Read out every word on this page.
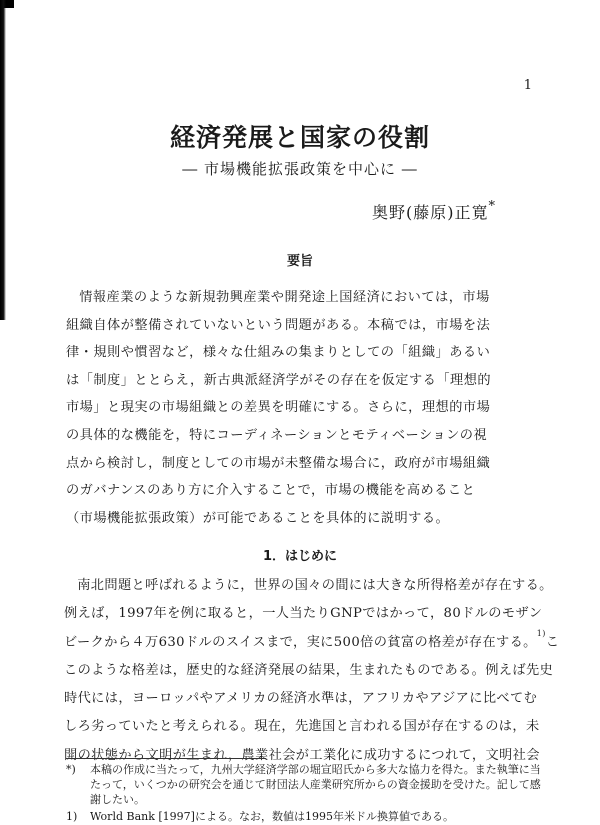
1
経済発展と国家の役割
― 市場機能拡張政策を中心に ―
奥野(藤原)正寛*
要旨
情報産業のような新規勃興産業や開発途上国経済においては，市場
組織自体が整備されていないという問題がある。本稿では，市場を法
律・規則や慣習など，様々な仕組みの集まりとしての「組織」あるい
は「制度」ととらえ，新古典派経済学がその存在を仮定する「理想的
市場」と現実の市場組織との差異を明確にする。さらに，理想的市場
の具体的な機能を，特にコーディネーションとモティベーションの視
点から検討し，制度としての市場が未整備な場合に，政府が市場組織
のガバナンスのあり方に介入することで，市場の機能を高めること
（市場機能拡張政策）が可能であることを具体的に説明する。
1．はじめに
南北問題と呼ばれるように，世界の国々の間には大きな所得格差が存在する。
例えば，1997年を例に取ると，一人当たりGNPではかって，80ドルのモザン
ビークから４万630ドルのスイスまで，実に500倍の貧富の格差が存在する。$^{1)}$こ
このような格差は，歴史的な経済発展の結果，生まれたものである。例えば先史
時代には，ヨーロッパやアメリカの経済水準は，アフリカやアジアに比べてむ
しろ劣っていたと考えられる。現在，先進国と言われる国が存在するのは，未
開の状態から文明が生まれ，農業社会が工業化に成功するにつれて，文明社会
*) 本稿の作成に当たって，九州大学経済学部の堀宣昭氏から多大な協力を得た。また執筆に当たって，いくつかの研究会を通じて財団法人産業研究所からの資金援助を受けた。記して感謝したい。
1) World Bank [1997]による。なお，数値は1995年米ドル換算値である。
